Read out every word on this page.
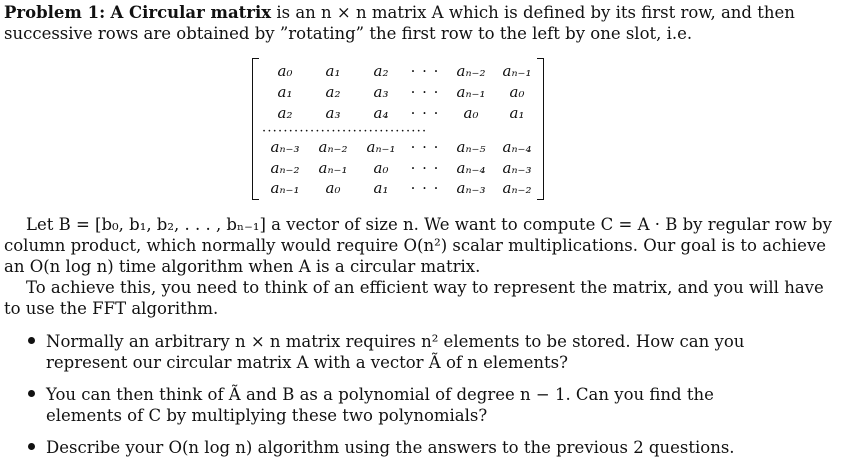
Problem 1: A Circular matrix is an n × n matrix A which is defined by its first row, and then successive rows are obtained by ”rotating” the first row to the left by one slot, i.e.
a₀	a₁	a₂	· · ·	aₙ₋₂	aₙ₋₁
a₁	a₂	a₃	· · ·	aₙ₋₁	a₀
a₂	a₃	a₄	· · ·	a₀	a₁
·······························
aₙ₋₃	aₙ₋₂	aₙ₋₁	· · ·	aₙ₋₅	aₙ₋₄
aₙ₋₂	aₙ₋₁	a₀	· · ·	aₙ₋₄	aₙ₋₃
aₙ₋₁	a₀	a₁	· · ·	aₙ₋₃	aₙ₋₂
Let B = [b₀, b₁, b₂, . . . , bₙ₋₁] a vector of size n. We want to compute C = A · B by regular row by column product, which normally would require O(n²) scalar multiplications. Our goal is to achieve an O(n log n) time algorithm when A is a circular matrix.
To achieve this, you need to think of an efficient way to represent the matrix, and you will have to use the FFT algorithm.
Normally an arbitrary n × n matrix requires n² elements to be stored. How can you represent our circular matrix A with a vector Ã of n elements?
You can then think of Ã and B as a polynomial of degree n − 1. Can you find the elements of C by multiplying these two polynomials?
Describe your O(n log n) algorithm using the answers to the previous 2 questions.
